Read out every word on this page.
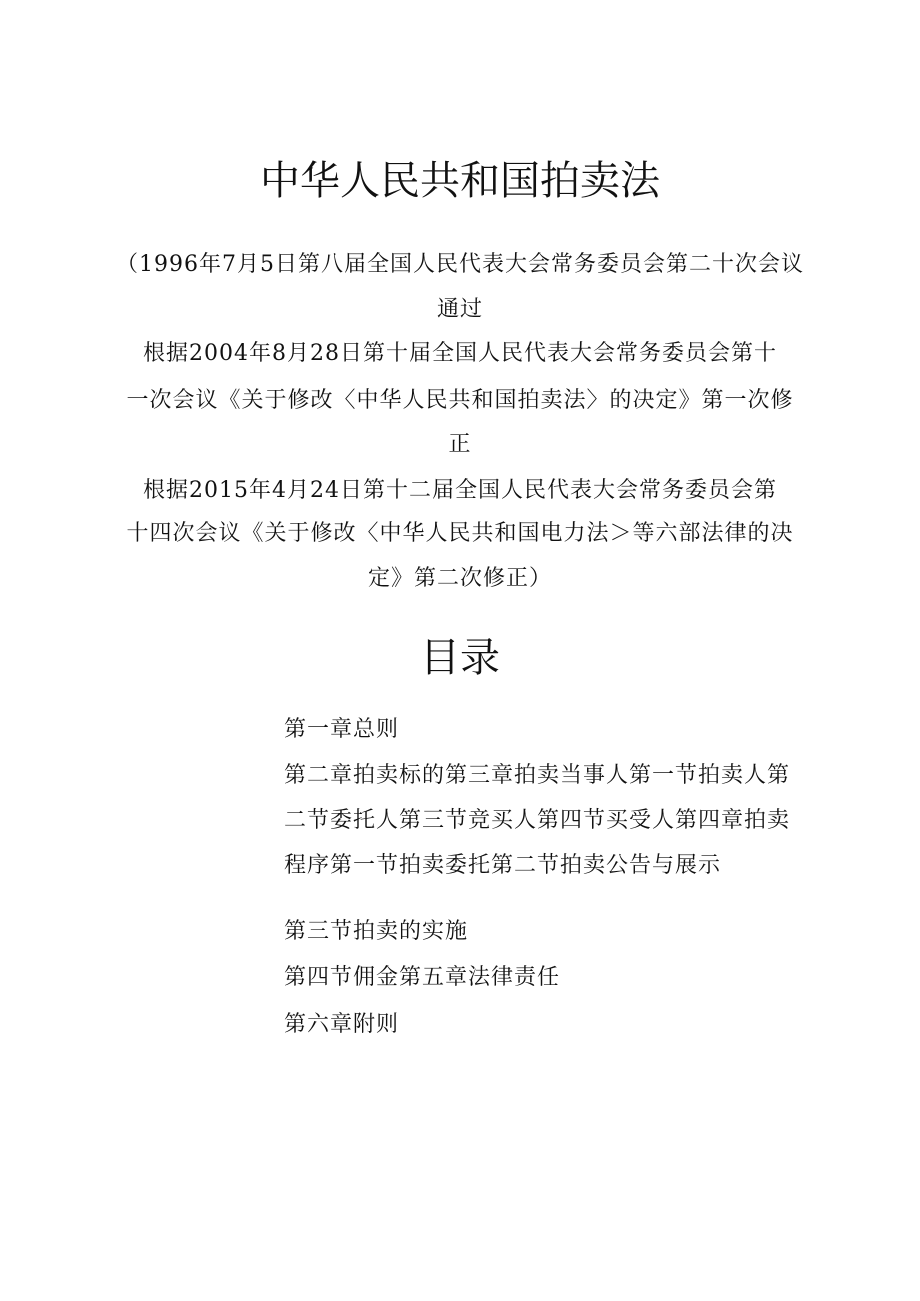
中华人民共和国拍卖法
（1996年7月5日第八届全国人民代表大会常务委员会第二十次会议
通过
根据2004年8月28日第十届全国人民代表大会常务委员会第十
一次会议《关于修改〈中华人民共和国拍卖法〉的决定》第一次修
正
根据2015年4月24日第十二届全国人民代表大会常务委员会第
十四次会议《关于修改〈中华人民共和国电力法＞等六部法律的决
定》第二次修正）
目录
第一章总则
第二章拍卖标的第三章拍卖当事人第一节拍卖人第
二节委托人第三节竞买人第四节买受人第四章拍卖
程序第一节拍卖委托第二节拍卖公告与展示
第三节拍卖的实施
第四节佣金第五章法律责任
第六章附则
